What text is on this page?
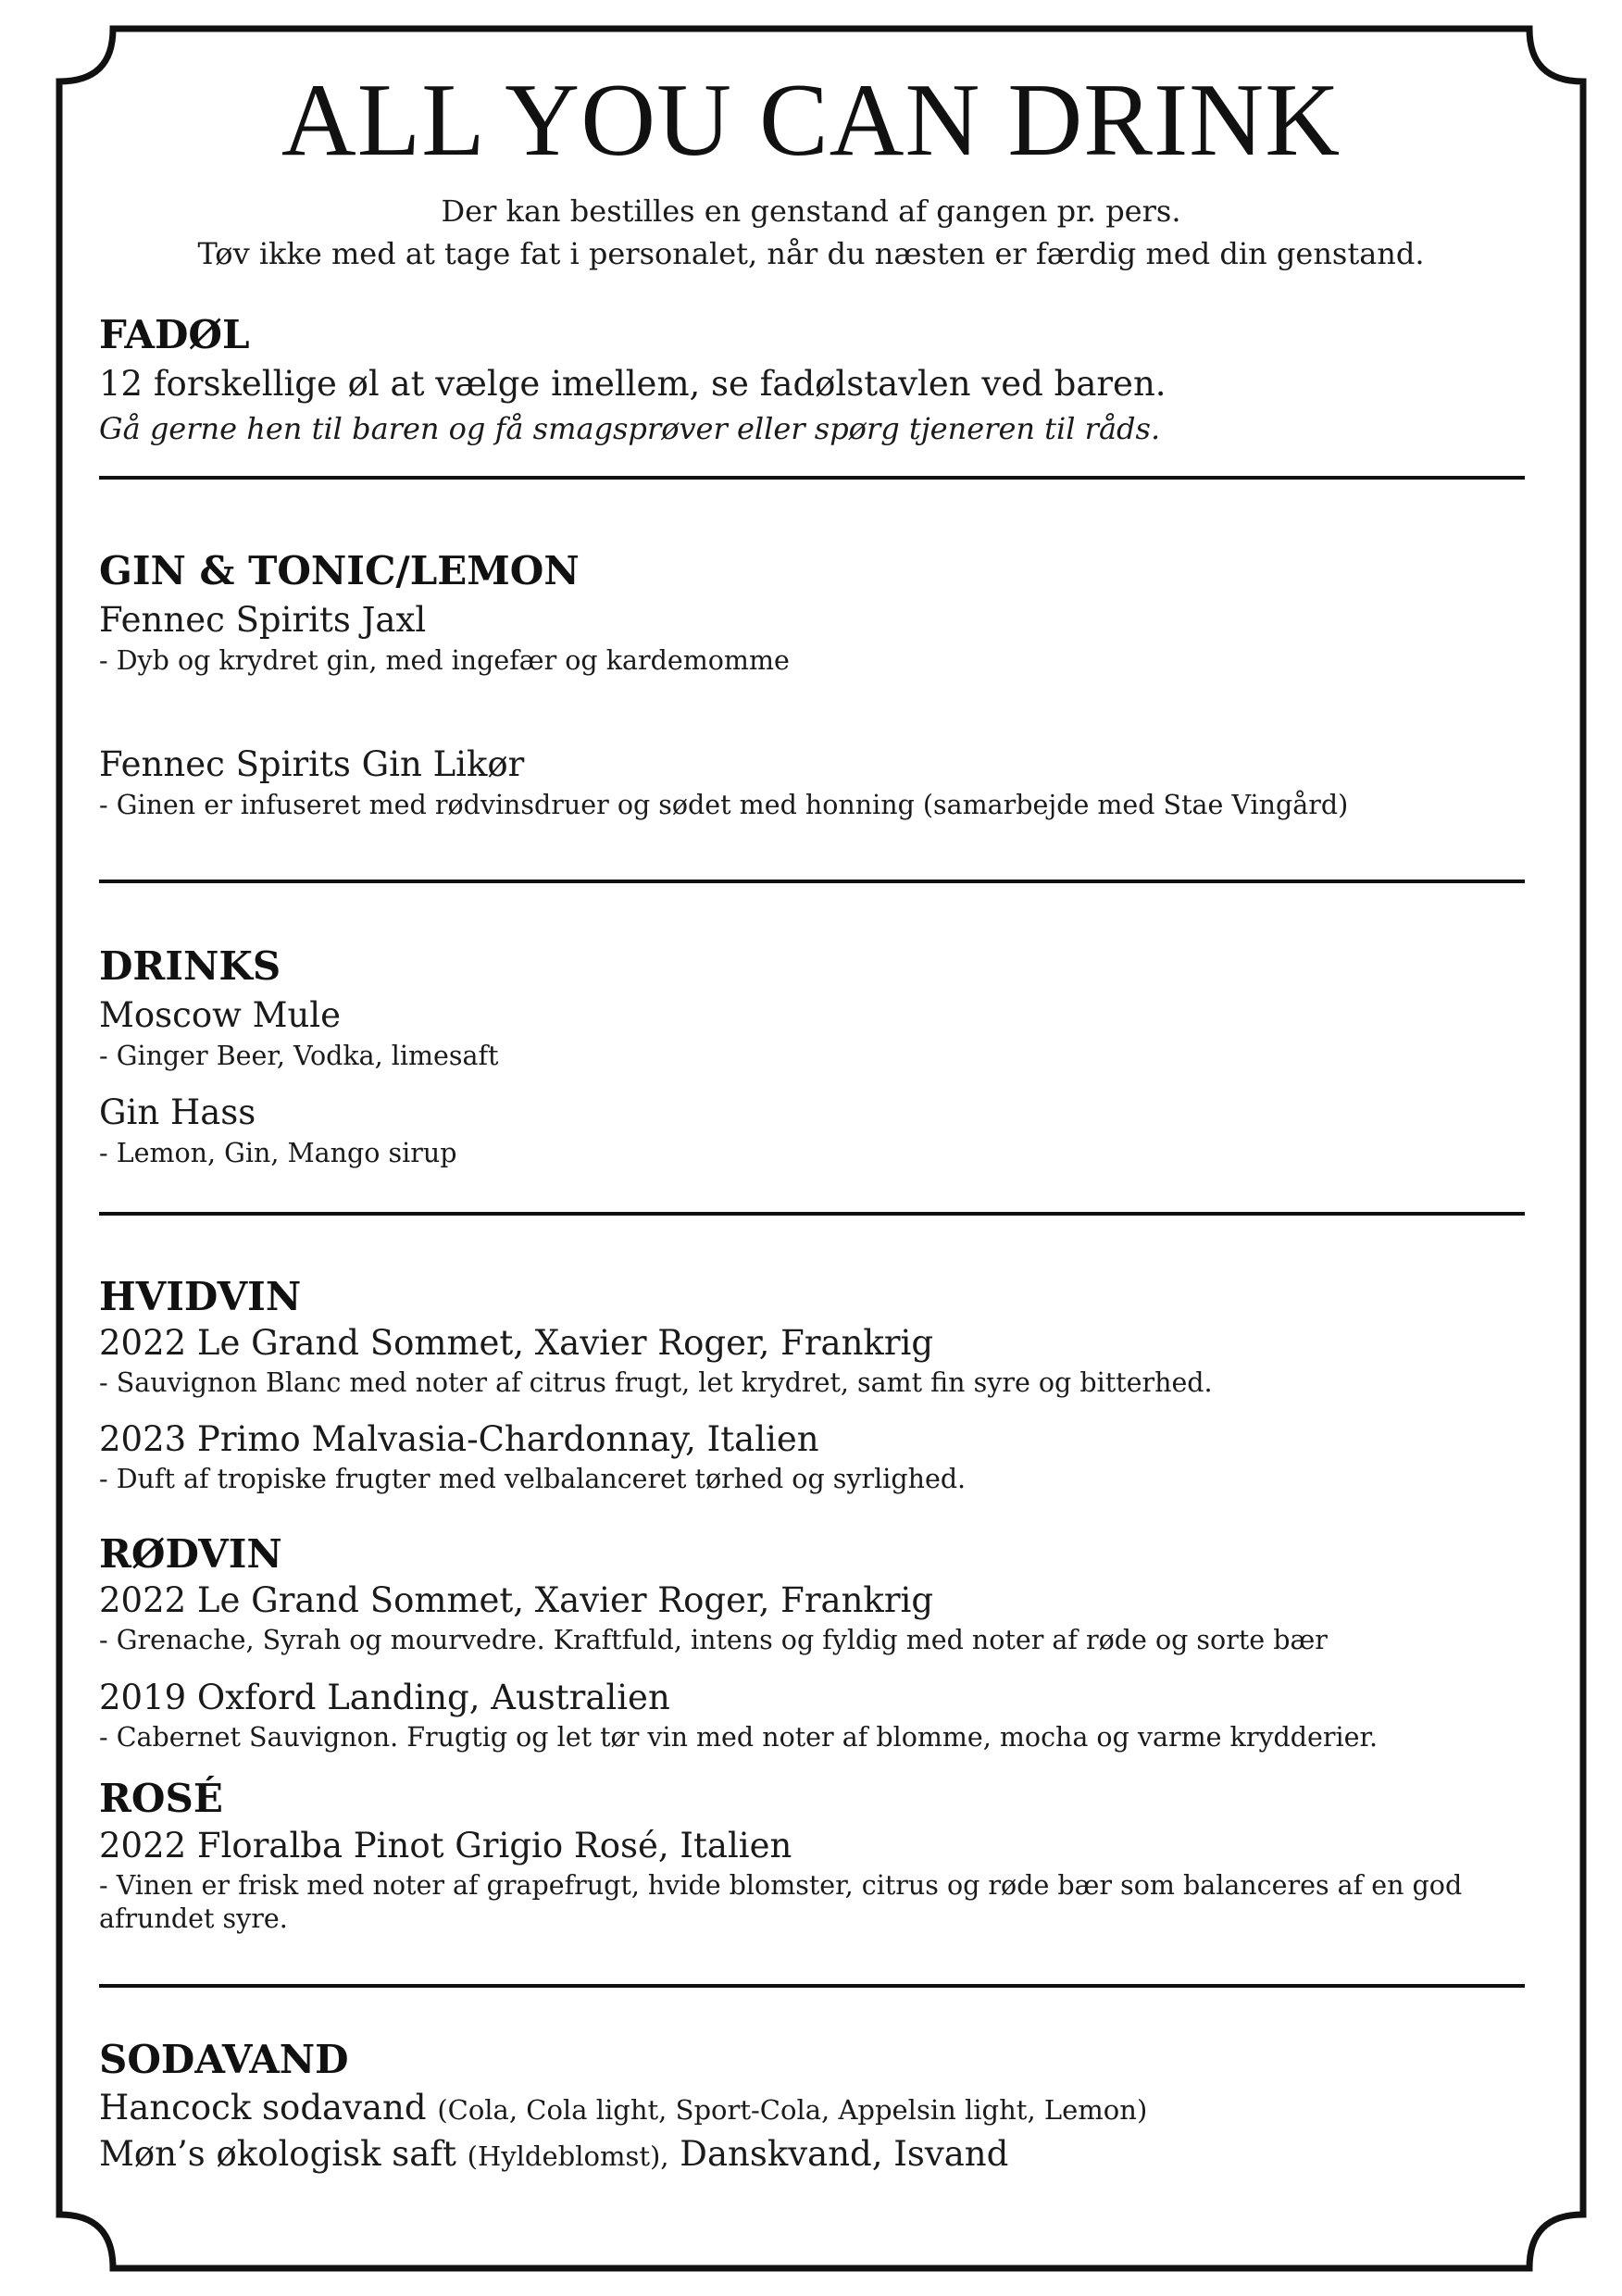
ALL YOU CAN DRINK
Der kan bestilles en genstand af gangen pr. pers.
Tøv ikke med at tage fat i personalet, når du næsten er færdig med din genstand.
FADØL
12 forskellige øl at vælge imellem, se fadølstavlen ved baren.
Gå gerne hen til baren og få smagsprøver eller spørg tjeneren til råds.
GIN & TONIC/LEMON
Fennec Spirits Jaxl
- Dyb og krydret gin, med ingefær og kardemomme
Fennec Spirits Gin Likør
- Ginen er infuseret med rødvinsdruer og sødet med honning (samarbejde med Stae Vingård)
DRINKS
Moscow Mule
- Ginger Beer, Vodka, limesaft
Gin Hass
- Lemon, Gin, Mango sirup
HVIDVIN
2022 Le Grand Sommet, Xavier Roger, Frankrig
- Sauvignon Blanc med noter af citrus frugt, let krydret, samt fin syre og bitterhed.
2023 Primo Malvasia-Chardonnay, Italien
- Duft af tropiske frugter med velbalanceret tørhed og syrlighed.
RØDVIN
2022 Le Grand Sommet, Xavier Roger, Frankrig
- Grenache, Syrah og mourvedre. Kraftfuld, intens og fyldig med noter af røde og sorte bær
2019 Oxford Landing, Australien
- Cabernet Sauvignon. Frugtig og let tør vin med noter af blomme, mocha og varme krydderier.
ROSÉ
2022 Floralba Pinot Grigio Rosé, Italien
- Vinen er frisk med noter af grapefrugt, hvide blomster, citrus og røde bær som balanceres af en god afrundet syre.
SODAVAND
Hancock sodavand (Cola, Cola light, Sport-Cola, Appelsin light, Lemon)
Møn’s økologisk saft (Hyldeblomst), Danskvand, Isvand
